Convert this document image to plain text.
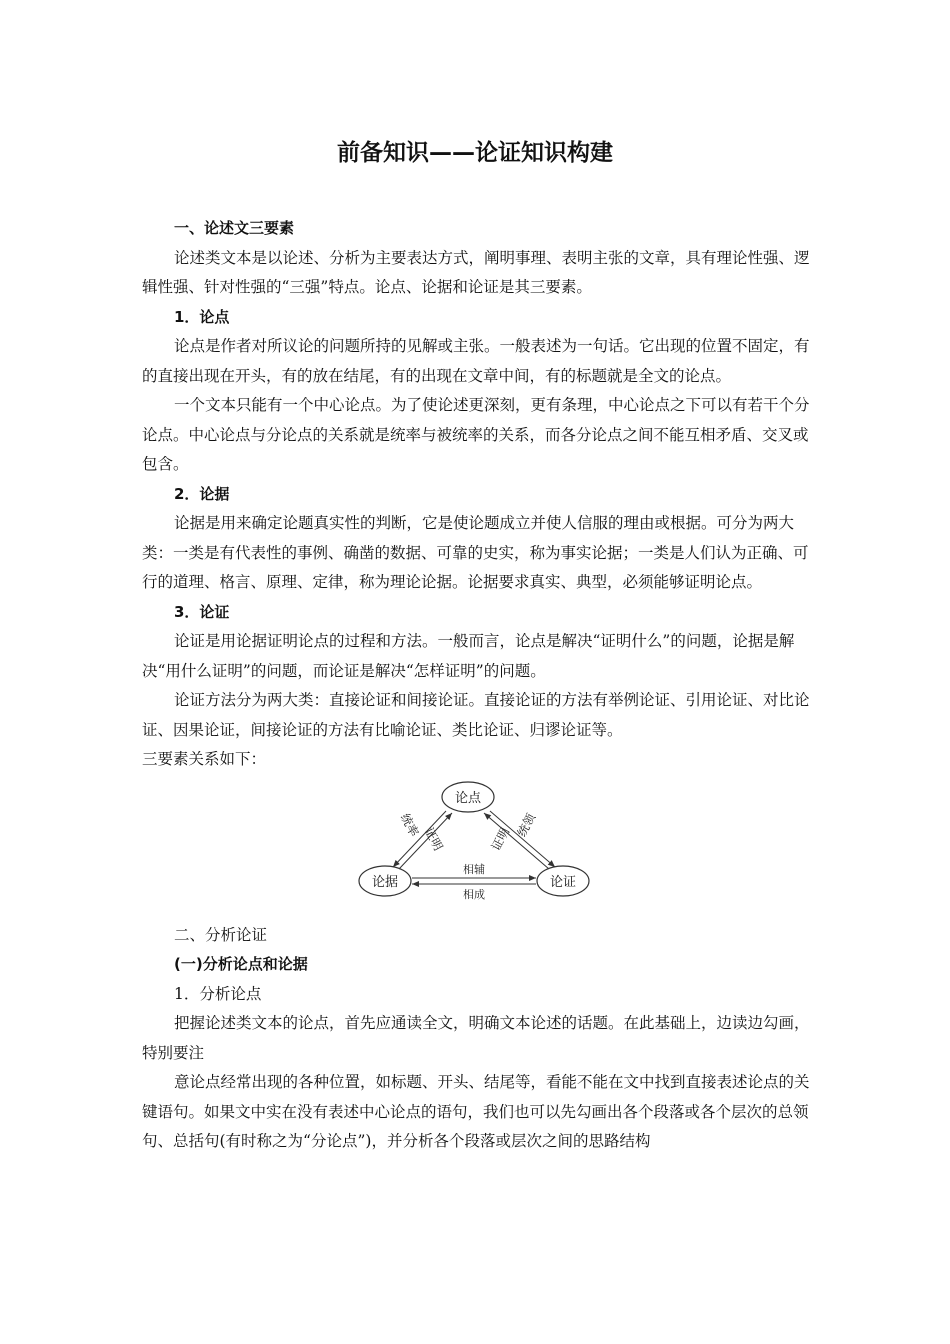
前备知识——论证知识构建

一、论述文三要素

论述类文本是以论述、分析为主要表达方式，阐明事理、表明主张的文章，具有理论性强、逻辑性强、针对性强的“三强”特点。论点、论据和论证是其三要素。

1．论点

论点是作者对所议论的问题所持的见解或主张。一般表述为一句话。它出现的位置不固定，有的直接出现在开头，有的放在结尾，有的出现在文章中间，有的标题就是全文的论点。

一个文本只能有一个中心论点。为了使论述更深刻，更有条理，中心论点之下可以有若干个分论点。中心论点与分论点的关系就是统率与被统率的关系，而各分论点之间不能互相矛盾、交叉或包含。

2．论据

论据是用来确定论题真实性的判断，它是使论题成立并使人信服的理由或根据。可分为两大类：一类是有代表性的事例、确凿的数据、可靠的史实，称为事实论据；一类是人们认为正确、可行的道理、格言、原理、定律，称为理论论据。论据要求真实、典型，必须能够证明论点。

3．论证

论证是用论据证明论点的过程和方法。一般而言，论点是解决“证明什么”的问题，论据是解决“用什么证明”的问题，而论证是解决“怎样证明”的问题。

论证方法分为两大类：直接论证和间接论证。直接论证的方法有举例论证、引用论证、对比论证、因果论证，间接论证的方法有比喻论证、类比论证、归谬论证等。

三要素关系如下：

论点
论据	论证
统率
证明	证明
统领
相辅
相成

二、分析论证

(一)分析论点和论据

1．分析论点

把握论述类文本的论点，首先应通读全文，明确文本论述的话题。在此基础上，边读边勾画，特别要注

意论点经常出现的各种位置，如标题、开头、结尾等，看能不能在文中找到直接表述论点的关键语句。如果文中实在没有表述中心论点的语句，我们也可以先勾画出各个段落或各个层次的总领句、总括句(有时称之为“分论点”)，并分析各个段落或层次之间的思路结构
